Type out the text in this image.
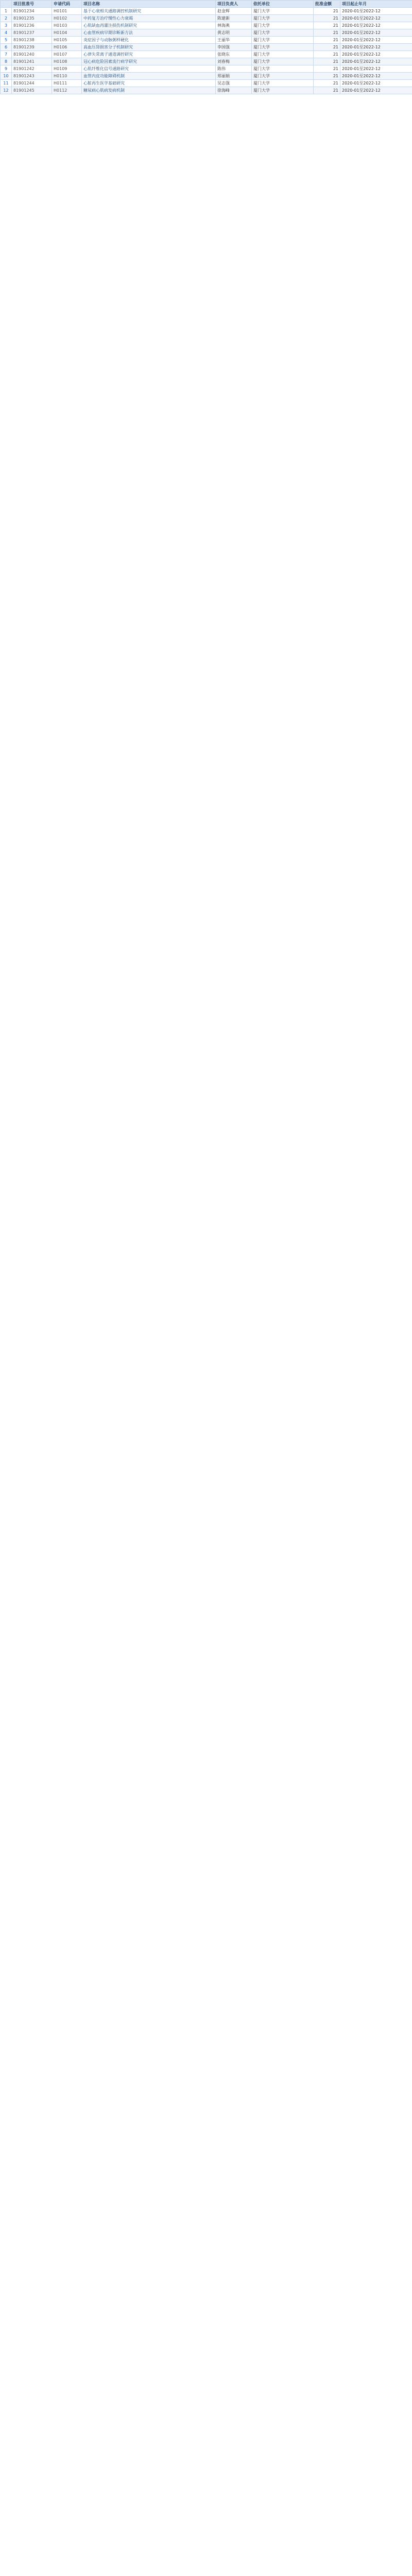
	项目批准号	申请代码	项目名称	项目负责人	依托单位	批准金额	项目起止年月
1	81901234	H0101	基于心衰相关通路调控机制研究	赵金辉	厦门大学	21	2020-01至2022-12
2	81901235	H0102	中药复方治疗慢性心力衰竭	陈建新	厦门大学	21	2020-01至2022-12
3	81901236	H0103	心肌缺血再灌注损伤机制研究	林海燕	厦门大学	21	2020-01至2022-12
4	81901237	H0104	心血管疾病早期诊断新方法	黄志明	厦门大学	21	2020-01至2022-12
5	81901238	H0105	炎症因子与动脉粥样硬化	王丽华	厦门大学	21	2020-01至2022-12
6	81901239	H0106	高血压肾损害分子机制研究	李国强	厦门大学	21	2020-01至2022-12
7	81901240	H0107	心律失常离子通道调控研究	张晓东	厦门大学	21	2020-01至2022-12
8	81901241	H0108	冠心病危险因素流行病学研究	刘春梅	厦门大学	21	2020-01至2022-12
9	81901242	H0109	心肌纤维化信号通路研究	陈伟	厦门大学	21	2020-01至2022-12
10	81901243	H0110	血管内皮功能障碍机制	郑丽娟	厦门大学	21	2020-01至2022-12
11	81901244	H0111	心脏再生医学基础研究	吴志强	厦门大学	21	2020-01至2022-12
12	81901245	H0112	糖尿病心肌病发病机制	徐海峰	厦门大学	21	2020-01至2022-12
